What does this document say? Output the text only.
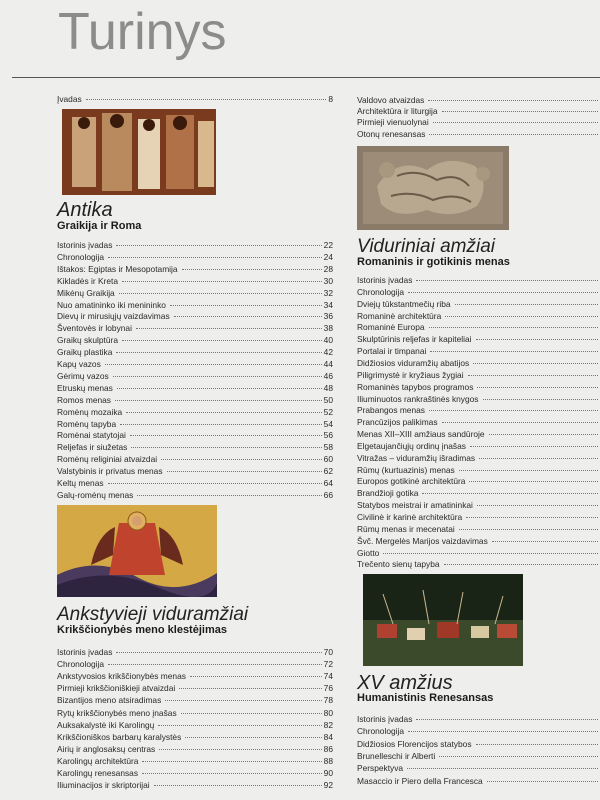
Turinys
Įvadas	8
Antika
Graikija ir Roma
Istorinis įvadas	22
Chronologija	24
Ištakos: Egiptas ir Mesopotamija	28
Kikladės ir Kreta	30
Mikėnų Graikija	32
Nuo amatininko iki menininko	34
Dievų ir mirusiųjų vaizdavimas	36
Šventovės ir lobynai	38
Graikų skulptūra	40
Graikų plastika	42
Kapų vazos	44
Gėrimų vazos	46
Etruskų menas	48
Romos menas	50
Romėnų mozaika	52
Romėnų tapyba	54
Romėnai statytojai	56
Reljefas ir siužetas	58
Romėnų religiniai atvaizdai	60
Valstybinis ir privatus menas	62
Keltų menas	64
Galų-romėnų menas	66
Ankstyvieji viduramžiai
Krikščionybės meno klestėjimas
Istorinis įvadas	70
Chronologija	72
Ankstyvosios krikščionybės menas	74
Pirmieji krikščioniškieji atvaizdai	76
Bizantijos meno atsiradimas	78
Rytų krikščionybės meno įnašas	80
Auksakalystė iki Karolingų	82
Krikščioniškos barbarų karalystės	84
Airių ir anglosaksų centras	86
Karolingų architektūra	88
Karolingų renesansas	90
Iliuminacijos ir skriptorijai	92
Valdovo atvaizdas
Architektūra ir liturgija
Pirmieji vienuolynai
Otonų renesansas
Viduriniai amžiai
Romaninis ir gotikinis menas
Istorinis įvadas
Chronologija
Dviejų tūkstantmečių riba
Romaninė architektūra
Romaninė Europa
Skulptūrinis reljefas ir kapiteliai
Portalai ir timpanai
Didžiosios viduramžių abatijos
Piligrimystė ir kryžiaus žygiai
Romaninės tapybos programos
Iliuminuotos rankraštinės knygos
Prabangos menas
Prancūzijos palikimas
Menas XII–XIII amžiaus sandūroje
Elgetaujančiųjų ordinų įnašas
Vitražas – viduramžių išradimas
Rūmų (kurtuazinis) menas
Europos gotikinė architektūra
Brandžioji gotika
Statybos meistrai ir amatininkai
Civilinė ir karinė architektūra
Rūmų menas ir mecenatai
Švč. Mergelės Marijos vaizdavimas
Giotto
Trečento sienų tapyba
XV amžius
Humanistinis Renesansas
Istorinis įvadas
Chronologija
Didžiosios Florencijos statybos
Brunelleschi ir Alberti
Perspektyva
Masaccio ir Piero della Francesca
